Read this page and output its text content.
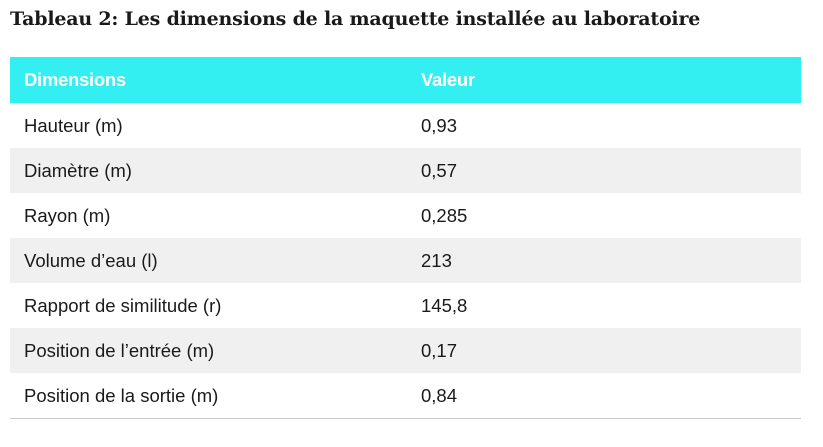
Tableau 2: Les dimensions de la maquette installée au laboratoire
Dimensions	Valeur
Hauteur (m)	0,93
Diamètre (m)	0,57
Rayon (m)	0,285
Volume d’eau (l)	213
Rapport de similitude (r)	145,8
Position de l’entrée (m)	0,17
Position de la sortie (m)	0,84
